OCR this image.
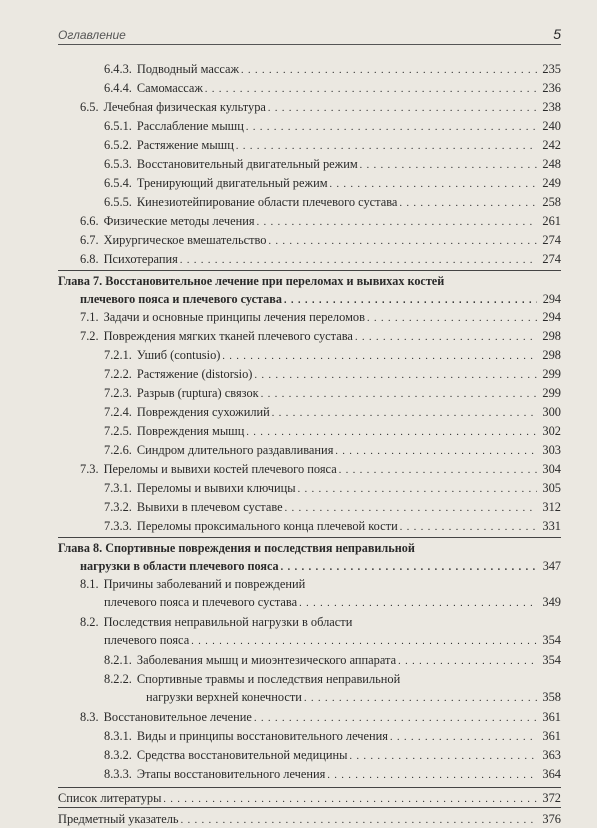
Оглавление	5
6.4.3. Подводный массаж . . .	235
6.4.4. Самомассаж . . .	236
6.5. Лечебная физическая культура . . .	238
6.5.1. Расслабление мышц . . .	240
6.5.2. Растяжение мышц . . .	242
6.5.3. Восстановительный двигательный режим . . .	248
6.5.4. Тренирующий двигательный режим . . .	249
6.5.5. Кинезиотейпирование области плечевого сустава . . .	258
6.6. Физические методы лечения . . .	261
6.7. Хирургическое вмешательство . . .	274
6.8. Психотерапия . . .	274
Глава 7. Восстановительное лечение при переломах и вывихах костей
плечевого пояса и плечевого сустава . . .	294
7.1. Задачи и основные принципы лечения переломов . . .	294
7.2. Повреждения мягких тканей плечевого сустава . . .	298
7.2.1. Ушиб (contusio) . . .	298
7.2.2. Растяжение (distorsio) . . .	299
7.2.3. Разрыв (ruptura) связок . . .	299
7.2.4. Повреждения сухожилий . . .	300
7.2.5. Повреждения мышц . . .	302
7.2.6. Синдром длительного раздавливания . . .	303
7.3. Переломы и вывихи костей плечевого пояса . . .	304
7.3.1. Переломы и вывихи ключицы . . .	305
7.3.2. Вывихи в плечевом суставе . . .	312
7.3.3. Переломы проксимального конца плечевой кости . . .	331
Глава 8. Спортивные повреждения и последствия неправильной
нагрузки в области плечевого пояса . . .	347
8.1. Причины заболеваний и повреждений
плечевого пояса и плечевого сустава . . .	349
8.2. Последствия неправильной нагрузки в области
плечевого пояса . . .	354
8.2.1. Заболевания мышц и миоэнтезического аппарата . . .	354
8.2.2. Спортивные травмы и последствия неправильной
нагрузки верхней конечности . . .	358
8.3. Восстановительное лечение . . .	361
8.3.1. Виды и принципы восстановительного лечения . . .	361
8.3.2. Средства восстановительной медицины . . .	363
8.3.3. Этапы восстановительного лечения . . .	364
Список литературы . . .	372
Предметный указатель . . .	376
